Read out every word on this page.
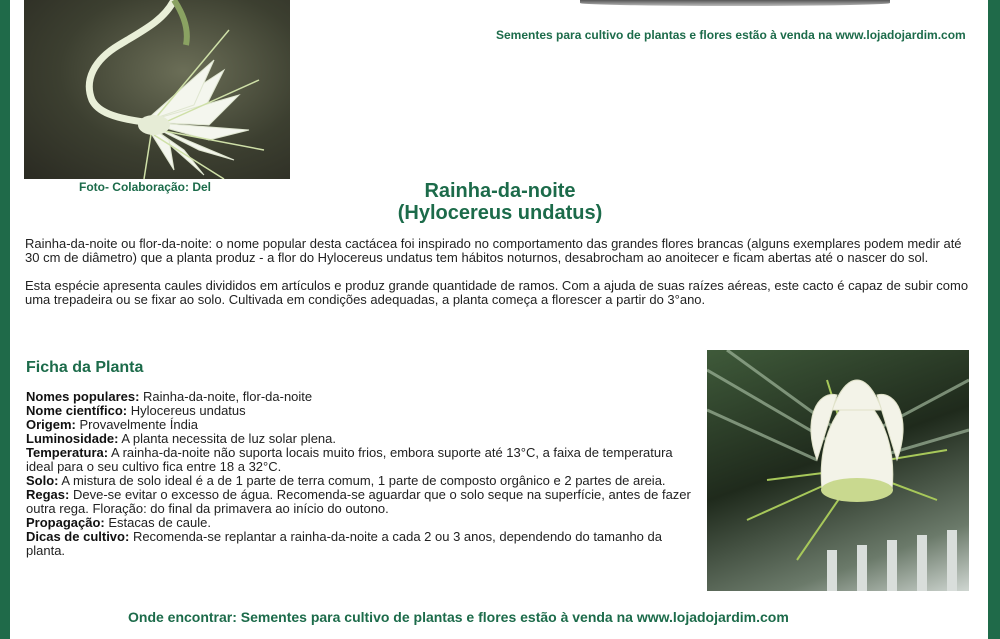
Foto- Colaboração: Del
Sementes para cultivo de plantas e flores estão à venda na www.lojadojardim.com
Rainha-da-noite
(Hylocereus undatus)

Rainha-da-noite ou flor-da-noite: o nome popular desta cactácea foi inspirado no comportamento das grandes flores brancas (alguns exemplares podem medir até 30 cm de diâmetro) que a planta produz - a flor do Hylocereus undatus tem hábitos noturnos, desabrocham ao anoitecer e ficam abertas até o nascer do sol.

Esta espécie apresenta caules divididos em artículos e produz grande quantidade de ramos. Com a ajuda de suas raízes aéreas, este cacto é capaz de subir como uma trepadeira ou se fixar ao solo. Cultivada em condições adequadas, a planta começa a florescer a partir do 3°ano.

Ficha da Planta
Nomes populares: Rainha-da-noite, flor-da-noite
Nome científico: Hylocereus undatus
Origem: Provavelmente Índia
Luminosidade: A planta necessita de luz solar plena.
Temperatura: A rainha-da-noite não suporta locais muito frios, embora suporte até 13°C, a faixa de temperatura ideal para o seu cultivo fica entre 18 a 32°C.
Solo: A mistura de solo ideal é a de 1 parte de terra comum, 1 parte de composto orgânico e 2 partes de areia.
Regas: Deve-se evitar o excesso de água. Recomenda-se aguardar que o solo seque na superfície, antes de fazer outra rega. Floração: do final da primavera ao início do outono.
Propagação: Estacas de caule.
Dicas de cultivo: Recomenda-se replantar a rainha-da-noite a cada 2 ou 3 anos, dependendo do tamanho da planta.
Onde encontrar: Sementes para cultivo de plantas e flores estão à venda na www.lojadojardim.com
